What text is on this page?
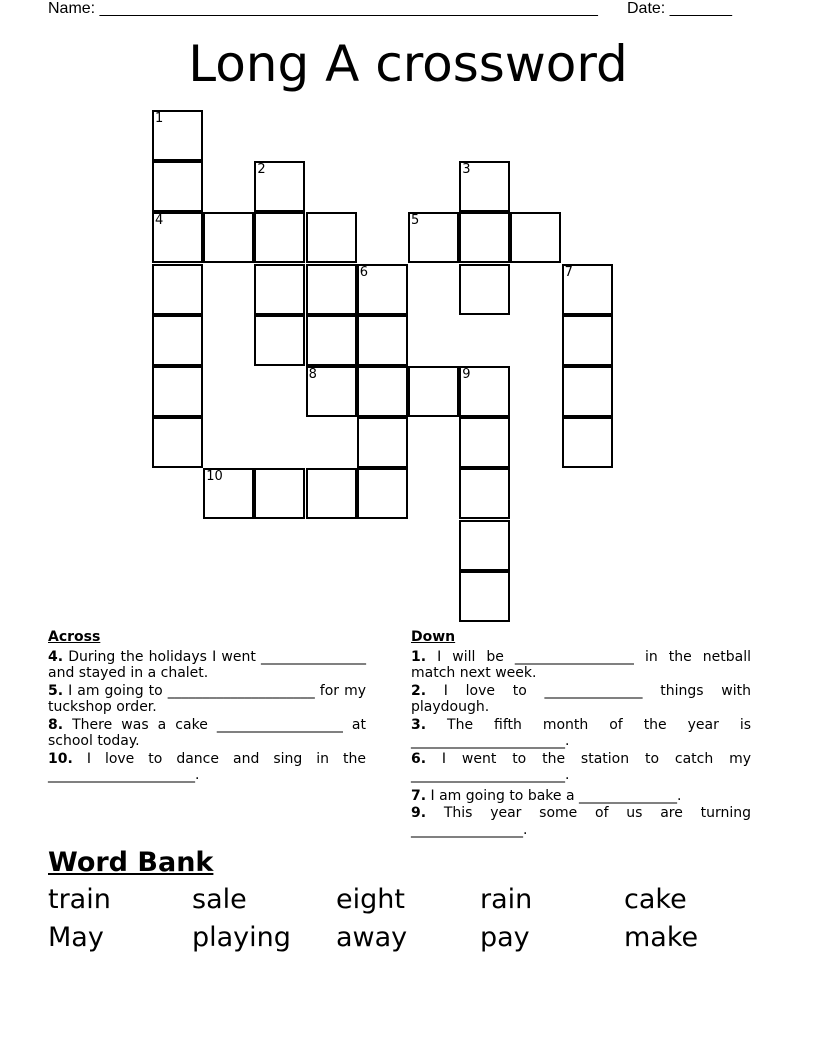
Name: ________________________________________________________ Date: _______
Long A crossword
1
4
2	3
5
6	7
8	9
10
Across
4. During the holidays I went _______________ and stayed in a chalet.
5. I am going to _____________________ for my tuckshop order.
8. There was a cake __________________ at school today.
10. I love to dance and sing in the _____________________.
Down
1. I will be _________________ in the netball match next week.
2. I love to ______________ things with playdough.
3. The fifth month of the year is ______________________.
6. I went to the station to catch my ______________________.
7. I am going to bake a ______________.
9. This year some of us are turning ________________.
Word Bank
train	sale	eight	rain	cake
May	playing	away	pay	make
